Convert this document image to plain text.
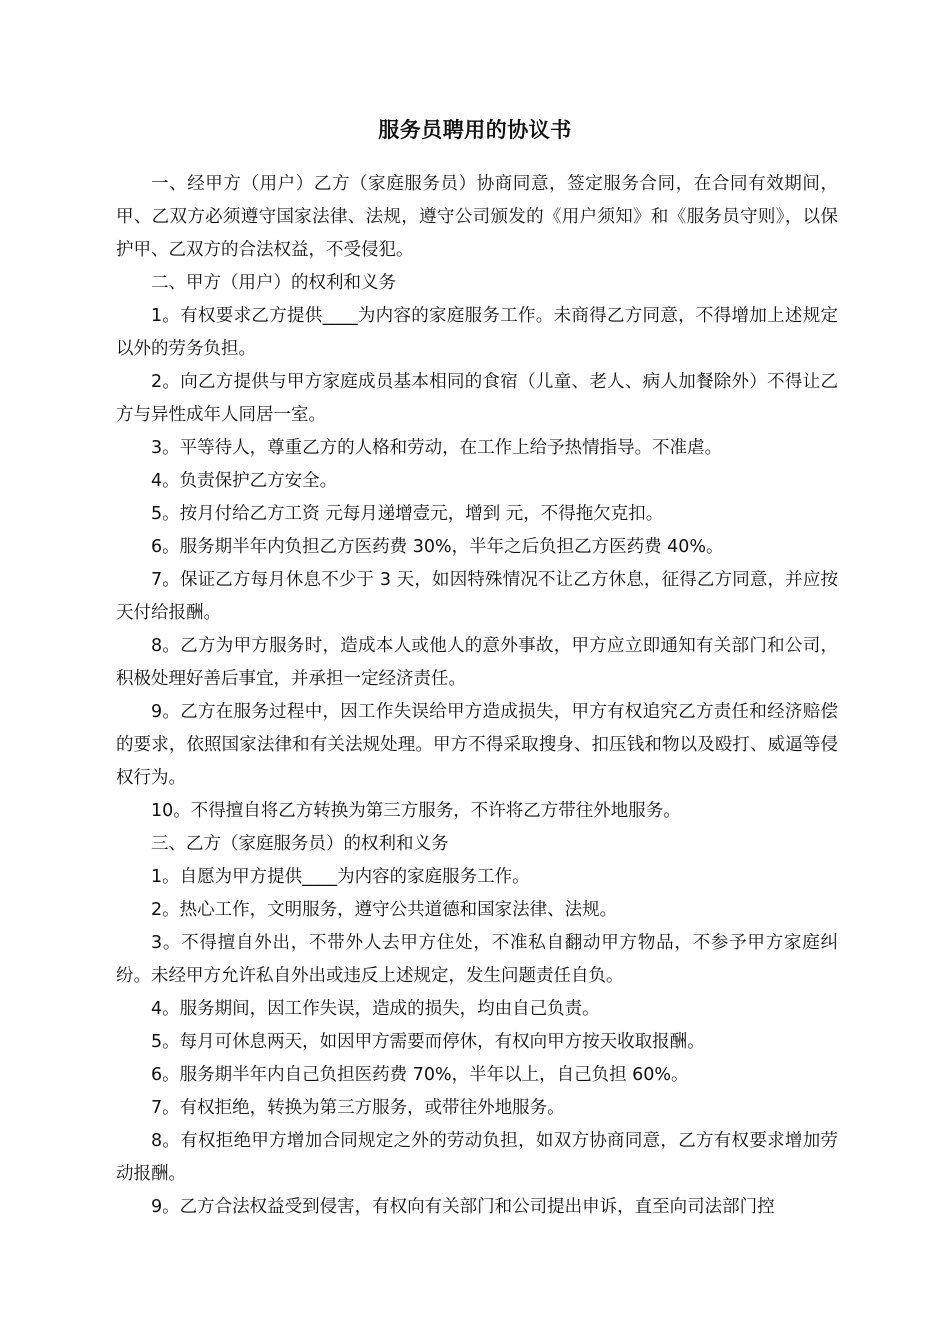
服务员聘用的协议书

一、经甲方（用户）乙方（家庭服务员）协商同意，签定服务合同，在合同有效期间，甲、乙双方必须遵守国家法律、法规，遵守公司颁发的《用户须知》和《服务员守则》，以保护甲、乙双方的合法权益，不受侵犯。

二、甲方（用户）的权利和义务

1。有权要求乙方提供____为内容的家庭服务工作。未商得乙方同意，不得增加上述规定以外的劳务负担。

2。向乙方提供与甲方家庭成员基本相同的食宿（儿童、老人、病人加餐除外）不得让乙方与异性成年人同居一室。

3。平等待人，尊重乙方的人格和劳动，在工作上给予热情指导。不准虐。

4。负责保护乙方安全。

5。按月付给乙方工资 元每月递增壹元，增到 元，不得拖欠克扣。

6。服务期半年内负担乙方医药费 30%，半年之后负担乙方医药费 40%。

7。保证乙方每月休息不少于 3 天，如因特殊情况不让乙方休息，征得乙方同意，并应按天付给报酬。

8。乙方为甲方服务时，造成本人或他人的意外事故，甲方应立即通知有关部门和公司，积极处理好善后事宜，并承担一定经济责任。

9。乙方在服务过程中，因工作失误给甲方造成损失，甲方有权追究乙方责任和经济赔偿的要求，依照国家法律和有关法规处理。甲方不得采取搜身、扣压钱和物以及殴打、威逼等侵权行为。

10。不得擅自将乙方转换为第三方服务，不许将乙方带往外地服务。

三、乙方（家庭服务员）的权利和义务

1。自愿为甲方提供____为内容的家庭服务工作。

2。热心工作，文明服务，遵守公共道德和国家法律、法规。

3。不得擅自外出，不带外人去甲方住处，不准私自翻动甲方物品，不参予甲方家庭纠纷。未经甲方允许私自外出或违反上述规定，发生问题责任自负。

4。服务期间，因工作失误，造成的损失，均由自己负责。

5。每月可休息两天，如因甲方需要而停休，有权向甲方按天收取报酬。

6。服务期半年内自己负担医药费 70%，半年以上，自己负担 60%。

7。有权拒绝，转换为第三方服务，或带往外地服务。

8。有权拒绝甲方增加合同规定之外的劳动负担，如双方协商同意，乙方有权要求增加劳动报酬。

9。乙方合法权益受到侵害，有权向有关部门和公司提出申诉，直至向司法部门控
